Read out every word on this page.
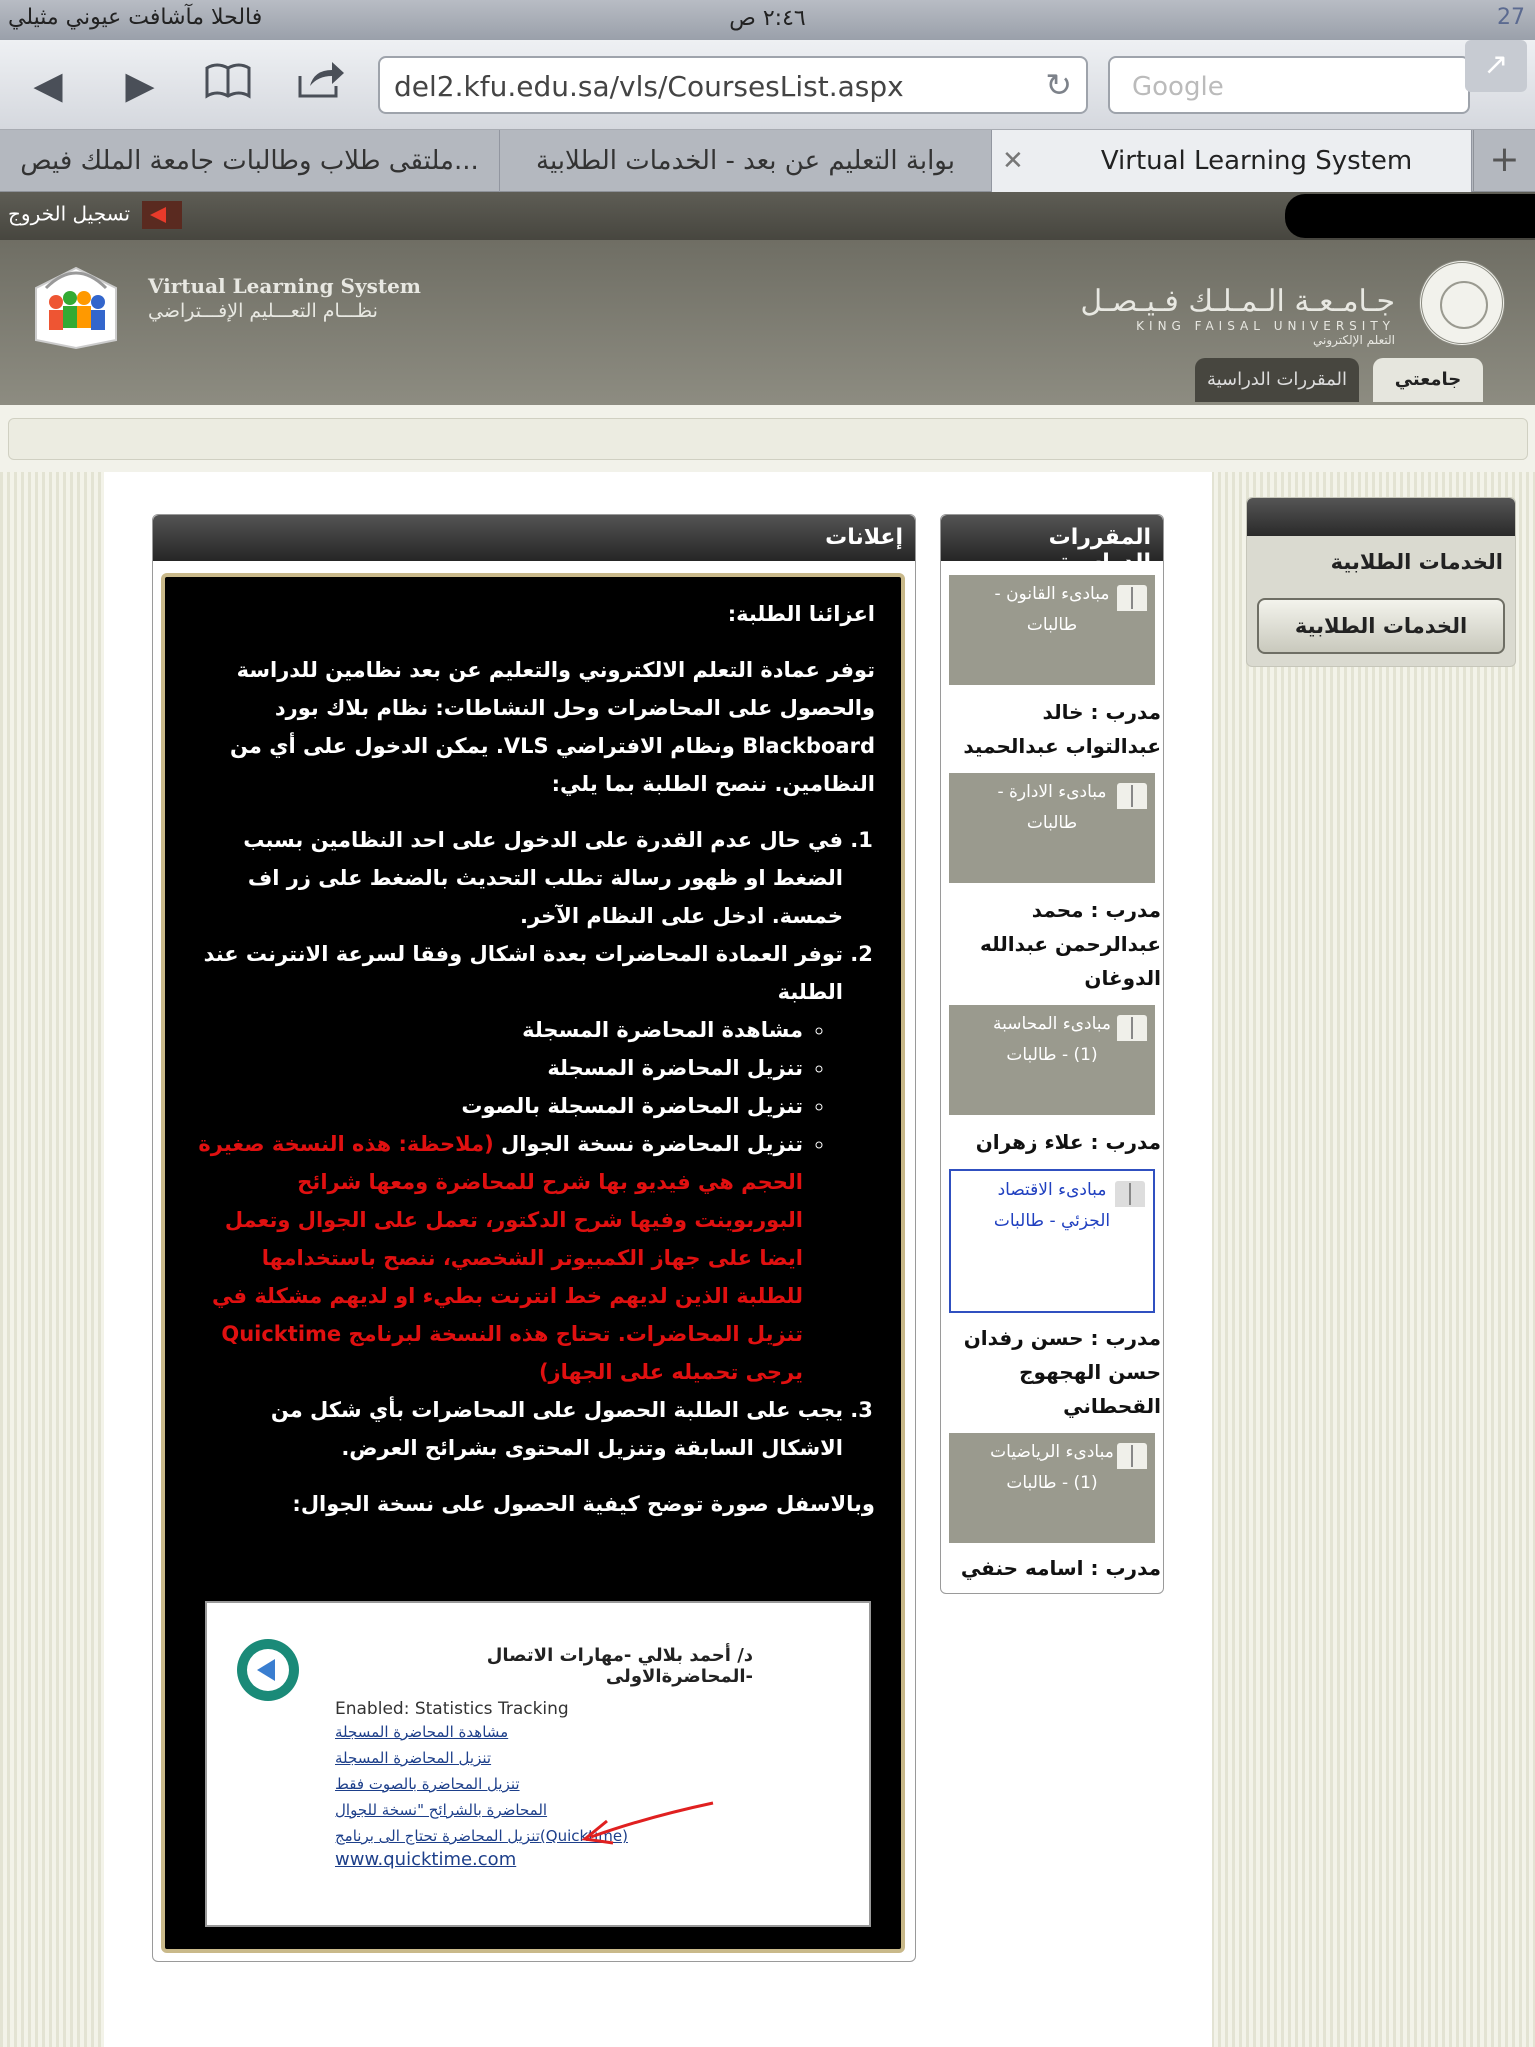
فالحلا مآشافت عيوني مثيلي	٢:٤٦ ص	27
◀	▶	del2.kfu.edu.sa/vls/CoursesList.aspx	↻	Google
↗
ملتقى طلاب وطالبات جامعة الملك فيص...	بوابة التعليم عن بعد - الخدمات الطلابية	✕	Virtual Learning System	+
تسجيل الخروج
Virtual Learning System
نظـــام التعـــليم الإفـــتراضي	جـامـعـة الـمـلـك فـيـصـل
KING FAISAL UNIVERSITY
التعلم الإلكتروني
جامعتي
المقررات الدراسية
الخدمات الطلابية
الخدمات الطلابية
المقررات الدراسية
مبادىء القانون - طالبات
مدرب : خالد عبدالتواب عبدالحميد
مبادىء الادارة - طالبات
مدرب : محمد عبدالرحمن عبدالله الدوغان
مبادىء المحاسبة (1) - طالبات
مدرب : علاء زهران
مبادىء الاقتصاد الجزئي - طالبات
مدرب : حسن رفدان حسن الهجهوج القحطاني
مبادىء الرياضيات (1) - طالبات
مدرب : اسامه حنفي
إعلانات

اعزائنا الطلبة:

توفر عمادة التعلم الالكتروني والتعليم عن بعد نظامين للدراسة والحصول على المحاضرات وحل النشاطات: نظام بلاك بورد Blackboard ونظام الافتراضي VLS. يمكن الدخول على أي من النظامين. ننصح الطلبة بما يلي:

1. في حال عدم القدرة على الدخول على احد النظامين بسبب الضغط او ظهور رسالة تطلب التحديث بالضغط على زر اف خمسة. ادخل على النظام الآخر.
2. توفر العمادة المحاضرات بعدة اشكال وفقا لسرعة الانترنت عند الطلبة
◦ مشاهدة المحاضرة المسجلة
◦ تنزيل المحاضرة المسجلة
◦ تنزيل المحاضرة المسجلة بالصوت
◦ تنزيل المحاضرة نسخة الجوال (ملاحظة: هذه النسخة صغيرة الحجم هي فيديو بها شرح للمحاضرة ومعها شرائح البوربوينت وفيها شرح الدكتور، تعمل على الجوال وتعمل ايضا على جهاز الكمبيوتر الشخصي، ننصح باستخدامها للطلبة الذين لديهم خط انترنت بطيء او لديهم مشكلة في تنزيل المحاضرات. تحتاج هذه النسخة لبرنامج Quicktime يرجى تحميله على الجهاز)
3. يجب على الطلبة الحصول على المحاضرات بأي شكل من الاشكال السابقة وتنزيل المحتوى بشرائح العرض.

وبالاسفل صورة توضح كيفية الحصول على نسخة الجوال:

د/ أحمد بلالي -مهارات الاتصال -المحاضرةالاولى
Enabled: Statistics Tracking
مشاهدة المحاضرة المسجلة
تنزيل المحاضرة المسجلة
تنزيل المحاضرة بالصوت فقط
المحاضرة بالشرائح "نسخة للجوال
تنزيل المحاضرة تحتاج الى برنامج(Quicktime)
www.quicktime.com
